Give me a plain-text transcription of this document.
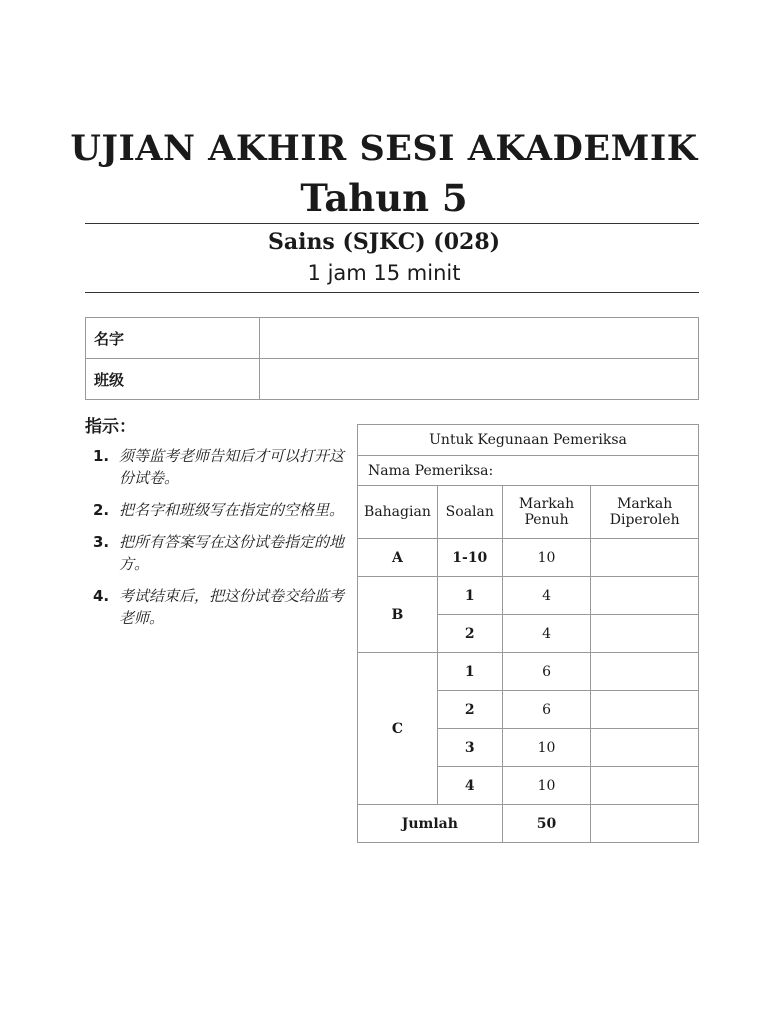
UJIAN AKHIR SESI AKADEMIK
Tahun 5
Sains (SJKC) (028)
1 jam 15 minit
名字	
班级	
指示：
1. 须等监考老师告知后才可以打开这份试卷。
2. 把名字和班级写在指定的空格里。
3. 把所有答案写在这份试卷指定的地方。
4. 考试结束后，把这份试卷交给监考老师。
Untuk Kegunaan Pemeriksa			
Nama Pemeriksa:			
Bahagian	Soalan	Markah Penuh	Markah Diperoleh
A	1-10	10	
B	1	4	
	2	4	
C	1	6	
	2	6	
	3	10	
	4	10	
Jumlah		50	
